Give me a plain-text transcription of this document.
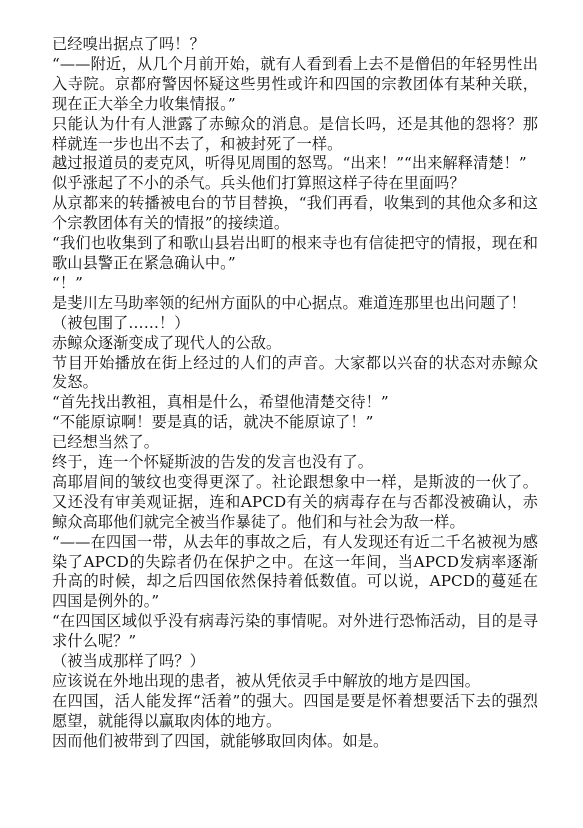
已经嗅出据点了吗！？

“——附近，从几个月前开始，就有人看到看上去不是僧侣的年轻男性出入寺院。京都府警因怀疑这些男性或许和四国的宗教团体有某种关联，现在正大举全力收集情报。”

只能认为什有人泄露了赤鲸众的消息。是信长吗，还是其他的怨将？那样就连一步也出不去了，和被封死了一样。

越过报道员的麦克风，听得见周围的怒骂。“出来！”“出来解释清楚！”

似乎涨起了不小的杀气。兵头他们打算照这样子待在里面吗？

从京都来的转播被电台的节目替换，“我们再看，收集到的其他众多和这个宗教团体有关的情报”的接续道。

“我们也收集到了和歌山县岩出町的根来寺也有信徒把守的情报，现在和歌山县警正在紧急确认中。”

“！”

是斐川左马助率领的纪州方面队的中心据点。难道连那里也出问题了！

（被包围了……！）

赤鲸众逐渐变成了现代人的公敌。

节目开始播放在街上经过的人们的声音。大家都以兴奋的状态对赤鲸众发怒。

“首先找出教祖，真相是什么，希望他清楚交待！”

“不能原谅啊！要是真的话，就决不能原谅了！”

已经想当然了。

终于，连一个怀疑斯波的告发的发言也没有了。

高耶眉间的皱纹也变得更深了。社论跟想象中一样，是斯波的一伙了。又还没有审美观证据，连和APCD有关的病毒存在与否都没被确认，赤鲸众高耶他们就完全被当作暴徒了。他们和与社会为敌一样。

“——在四国一带，从去年的事故之后，有人发现还有近二千名被视为感染了APCD的失踪者仍在保护之中。在这一年间，当APCD发病率逐渐升高的时候，却之后四国依然保持着低数值。可以说，APCD的蔓延在四国是例外的。”

“在四国区域似乎没有病毒污染的事情呢。对外进行恐怖活动，目的是寻求什么呢？”

（被当成那样了吗？）

应该说在外地出现的患者，被从凭依灵手中解放的地方是四国。

在四国，活人能发挥“活着”的强大。四国是要是怀着想要活下去的强烈愿望，就能得以赢取肉体的地方。

因而他们被带到了四国，就能够取回肉体。如是。
